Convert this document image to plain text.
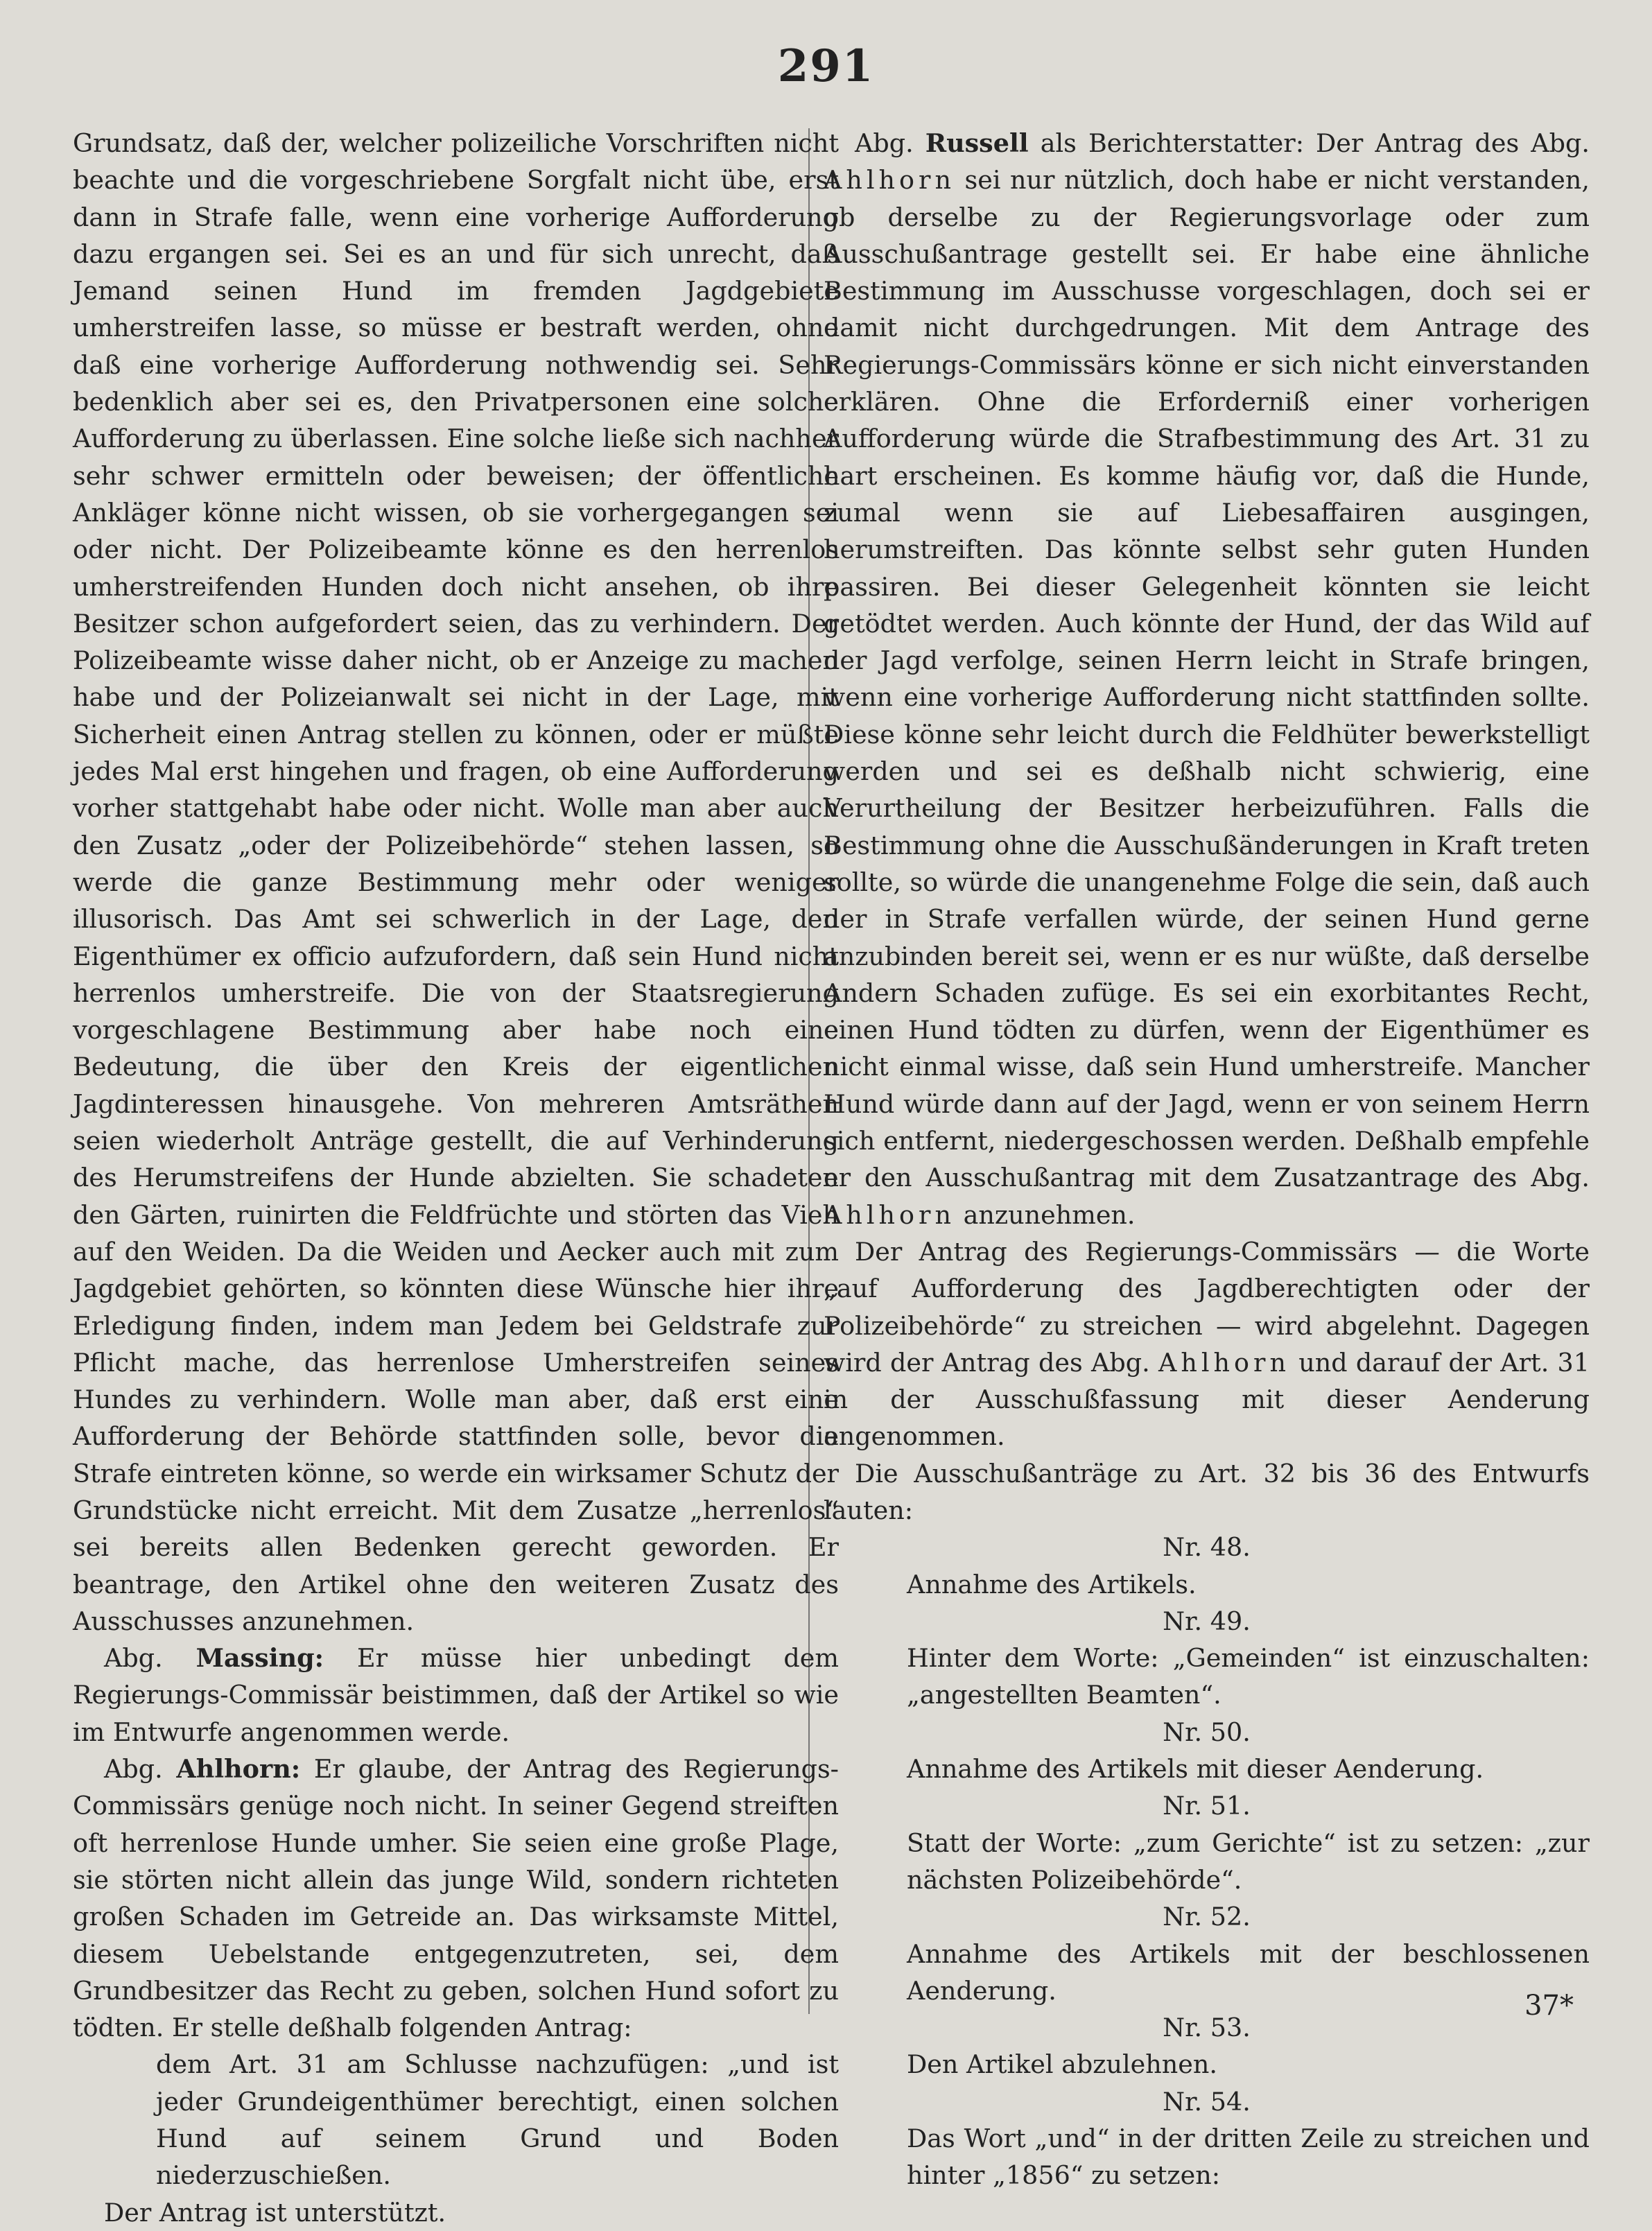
291

Grundsatz, daß der, welcher polizeiliche Vorschriften nicht beachte und die vorgeschriebene Sorgfalt nicht übe, erst dann in Strafe falle, wenn eine vorherige Aufforderung dazu ergangen sei. Sei es an und für sich unrecht, daß Jemand seinen Hund im fremden Jagdgebiete umherstreifen lasse, so müsse er bestraft werden, ohne daß eine vorherige Aufforderung nothwendig sei. Sehr bedenklich aber sei es, den Privatpersonen eine solche Aufforderung zu überlassen. Eine solche ließe sich nachher sehr schwer ermitteln oder beweisen; der öffentliche Ankläger könne nicht wissen, ob sie vorhergegangen sei oder nicht. Der Polizeibeamte könne es den herrenlos umherstreifenden Hunden doch nicht ansehen, ob ihre Besitzer schon aufgefordert seien, das zu verhindern. Der Polizeibeamte wisse daher nicht, ob er Anzeige zu machen habe und der Polizeianwalt sei nicht in der Lage, mit Sicherheit einen Antrag stellen zu können, oder er müßte jedes Mal erst hingehen und fragen, ob eine Aufforderung vorher stattgehabt habe oder nicht. Wolle man aber auch den Zusatz „oder der Polizeibehörde“ stehen lassen, so werde die ganze Bestimmung mehr oder weniger illusorisch. Das Amt sei schwerlich in der Lage, den Eigenthümer ex officio aufzufordern, daß sein Hund nicht herrenlos umherstreife. Die von der Staatsregierung vorgeschlagene Bestimmung aber habe noch eine Bedeutung, die über den Kreis der eigentlichen Jagdinteressen hinausgehe. Von mehreren Amtsräthen seien wiederholt Anträge gestellt, die auf Verhinderung des Herumstreifens der Hunde abzielten. Sie schadeten den Gärten, ruinirten die Feldfrüchte und störten das Vieh auf den Weiden. Da die Weiden und Aecker auch mit zum Jagdgebiet gehörten, so könnten diese Wünsche hier ihre Erledigung finden, indem man Jedem bei Geldstrafe zur Pflicht mache, das herrenlose Umherstreifen seines Hundes zu verhindern. Wolle man aber, daß erst eine Aufforderung der Behörde stattfinden solle, bevor die Strafe eintreten könne, so werde ein wirksamer Schutz der Grundstücke nicht erreicht. Mit dem Zusatze „herrenlos“ sei bereits allen Bedenken gerecht geworden. Er beantrage, den Artikel ohne den weiteren Zusatz des Ausschusses anzunehmen.

Abg. Massing: Er müsse hier unbedingt dem Regierungs-Commissär beistimmen, daß der Artikel so wie im Entwurfe angenommen werde.

Abg. Ahlhorn: Er glaube, der Antrag des Regierungs-Commissärs genüge noch nicht. In seiner Gegend streiften oft herrenlose Hunde umher. Sie seien eine große Plage, sie störten nicht allein das junge Wild, sondern richteten großen Schaden im Getreide an. Das wirksamste Mittel, diesem Uebelstande entgegenzutreten, sei, dem Grundbesitzer das Recht zu geben, solchen Hund sofort zu tödten. Er stelle deßhalb folgenden Antrag:

dem Art. 31 am Schlusse nachzufügen: „und ist jeder Grundeigenthümer berechtigt, einen solchen Hund auf seinem Grund und Boden niederzuschießen.

Der Antrag ist unterstützt.

Abg. Russell als Berichterstatter: Der Antrag des Abg. Ahlhorn sei nur nützlich, doch habe er nicht verstanden, ob derselbe zu der Regierungsvorlage oder zum Ausschußantrage gestellt sei. Er habe eine ähnliche Bestimmung im Ausschusse vorgeschlagen, doch sei er damit nicht durchgedrungen. Mit dem Antrage des Regierungs-Commissärs könne er sich nicht einverstanden erklären. Ohne die Erforderniß einer vorherigen Aufforderung würde die Strafbestimmung des Art. 31 zu hart erscheinen. Es komme häufig vor, daß die Hunde, zumal wenn sie auf Liebesaffairen ausgingen, herumstreiften. Das könnte selbst sehr guten Hunden passiren. Bei dieser Gelegenheit könnten sie leicht getödtet werden. Auch könnte der Hund, der das Wild auf der Jagd verfolge, seinen Herrn leicht in Strafe bringen, wenn eine vorherige Aufforderung nicht stattfinden sollte. Diese könne sehr leicht durch die Feldhüter bewerkstelligt werden und sei es deßhalb nicht schwierig, eine Verurtheilung der Besitzer herbeizuführen. Falls die Bestimmung ohne die Ausschußänderungen in Kraft treten sollte, so würde die unangenehme Folge die sein, daß auch der in Strafe verfallen würde, der seinen Hund gerne anzubinden bereit sei, wenn er es nur wüßte, daß derselbe Andern Schaden zufüge. Es sei ein exorbitantes Recht, einen Hund tödten zu dürfen, wenn der Eigenthümer es nicht einmal wisse, daß sein Hund umherstreife. Mancher Hund würde dann auf der Jagd, wenn er von seinem Herrn sich entfernt, niedergeschossen werden. Deßhalb empfehle er den Ausschußantrag mit dem Zusatzantrage des Abg. Ahlhorn anzunehmen.

Der Antrag des Regierungs-Commissärs — die Worte „auf Aufforderung des Jagdberechtigten oder der Polizeibehörde“ zu streichen — wird abgelehnt. Dagegen wird der Antrag des Abg. Ahlhorn und darauf der Art. 31 in der Ausschußfassung mit dieser Aenderung angenommen.

Die Ausschußanträge zu Art. 32 bis 36 des Entwurfs lauten:

Nr. 48.

Annahme des Artikels.

Nr. 49.

Hinter dem Worte: „Gemeinden“ ist einzuschalten: „angestellten Beamten“.

Nr. 50.

Annahme des Artikels mit dieser Aenderung.

Nr. 51.

Statt der Worte: „zum Gerichte“ ist zu setzen: „zur nächsten Polizeibehörde“.

Nr. 52.

Annahme des Artikels mit der beschlossenen Aenderung.

Nr. 53.

Den Artikel abzulehnen.

Nr. 54.

Das Wort „und“ in der dritten Zeile zu streichen und hinter „1856“ zu setzen:

37*
